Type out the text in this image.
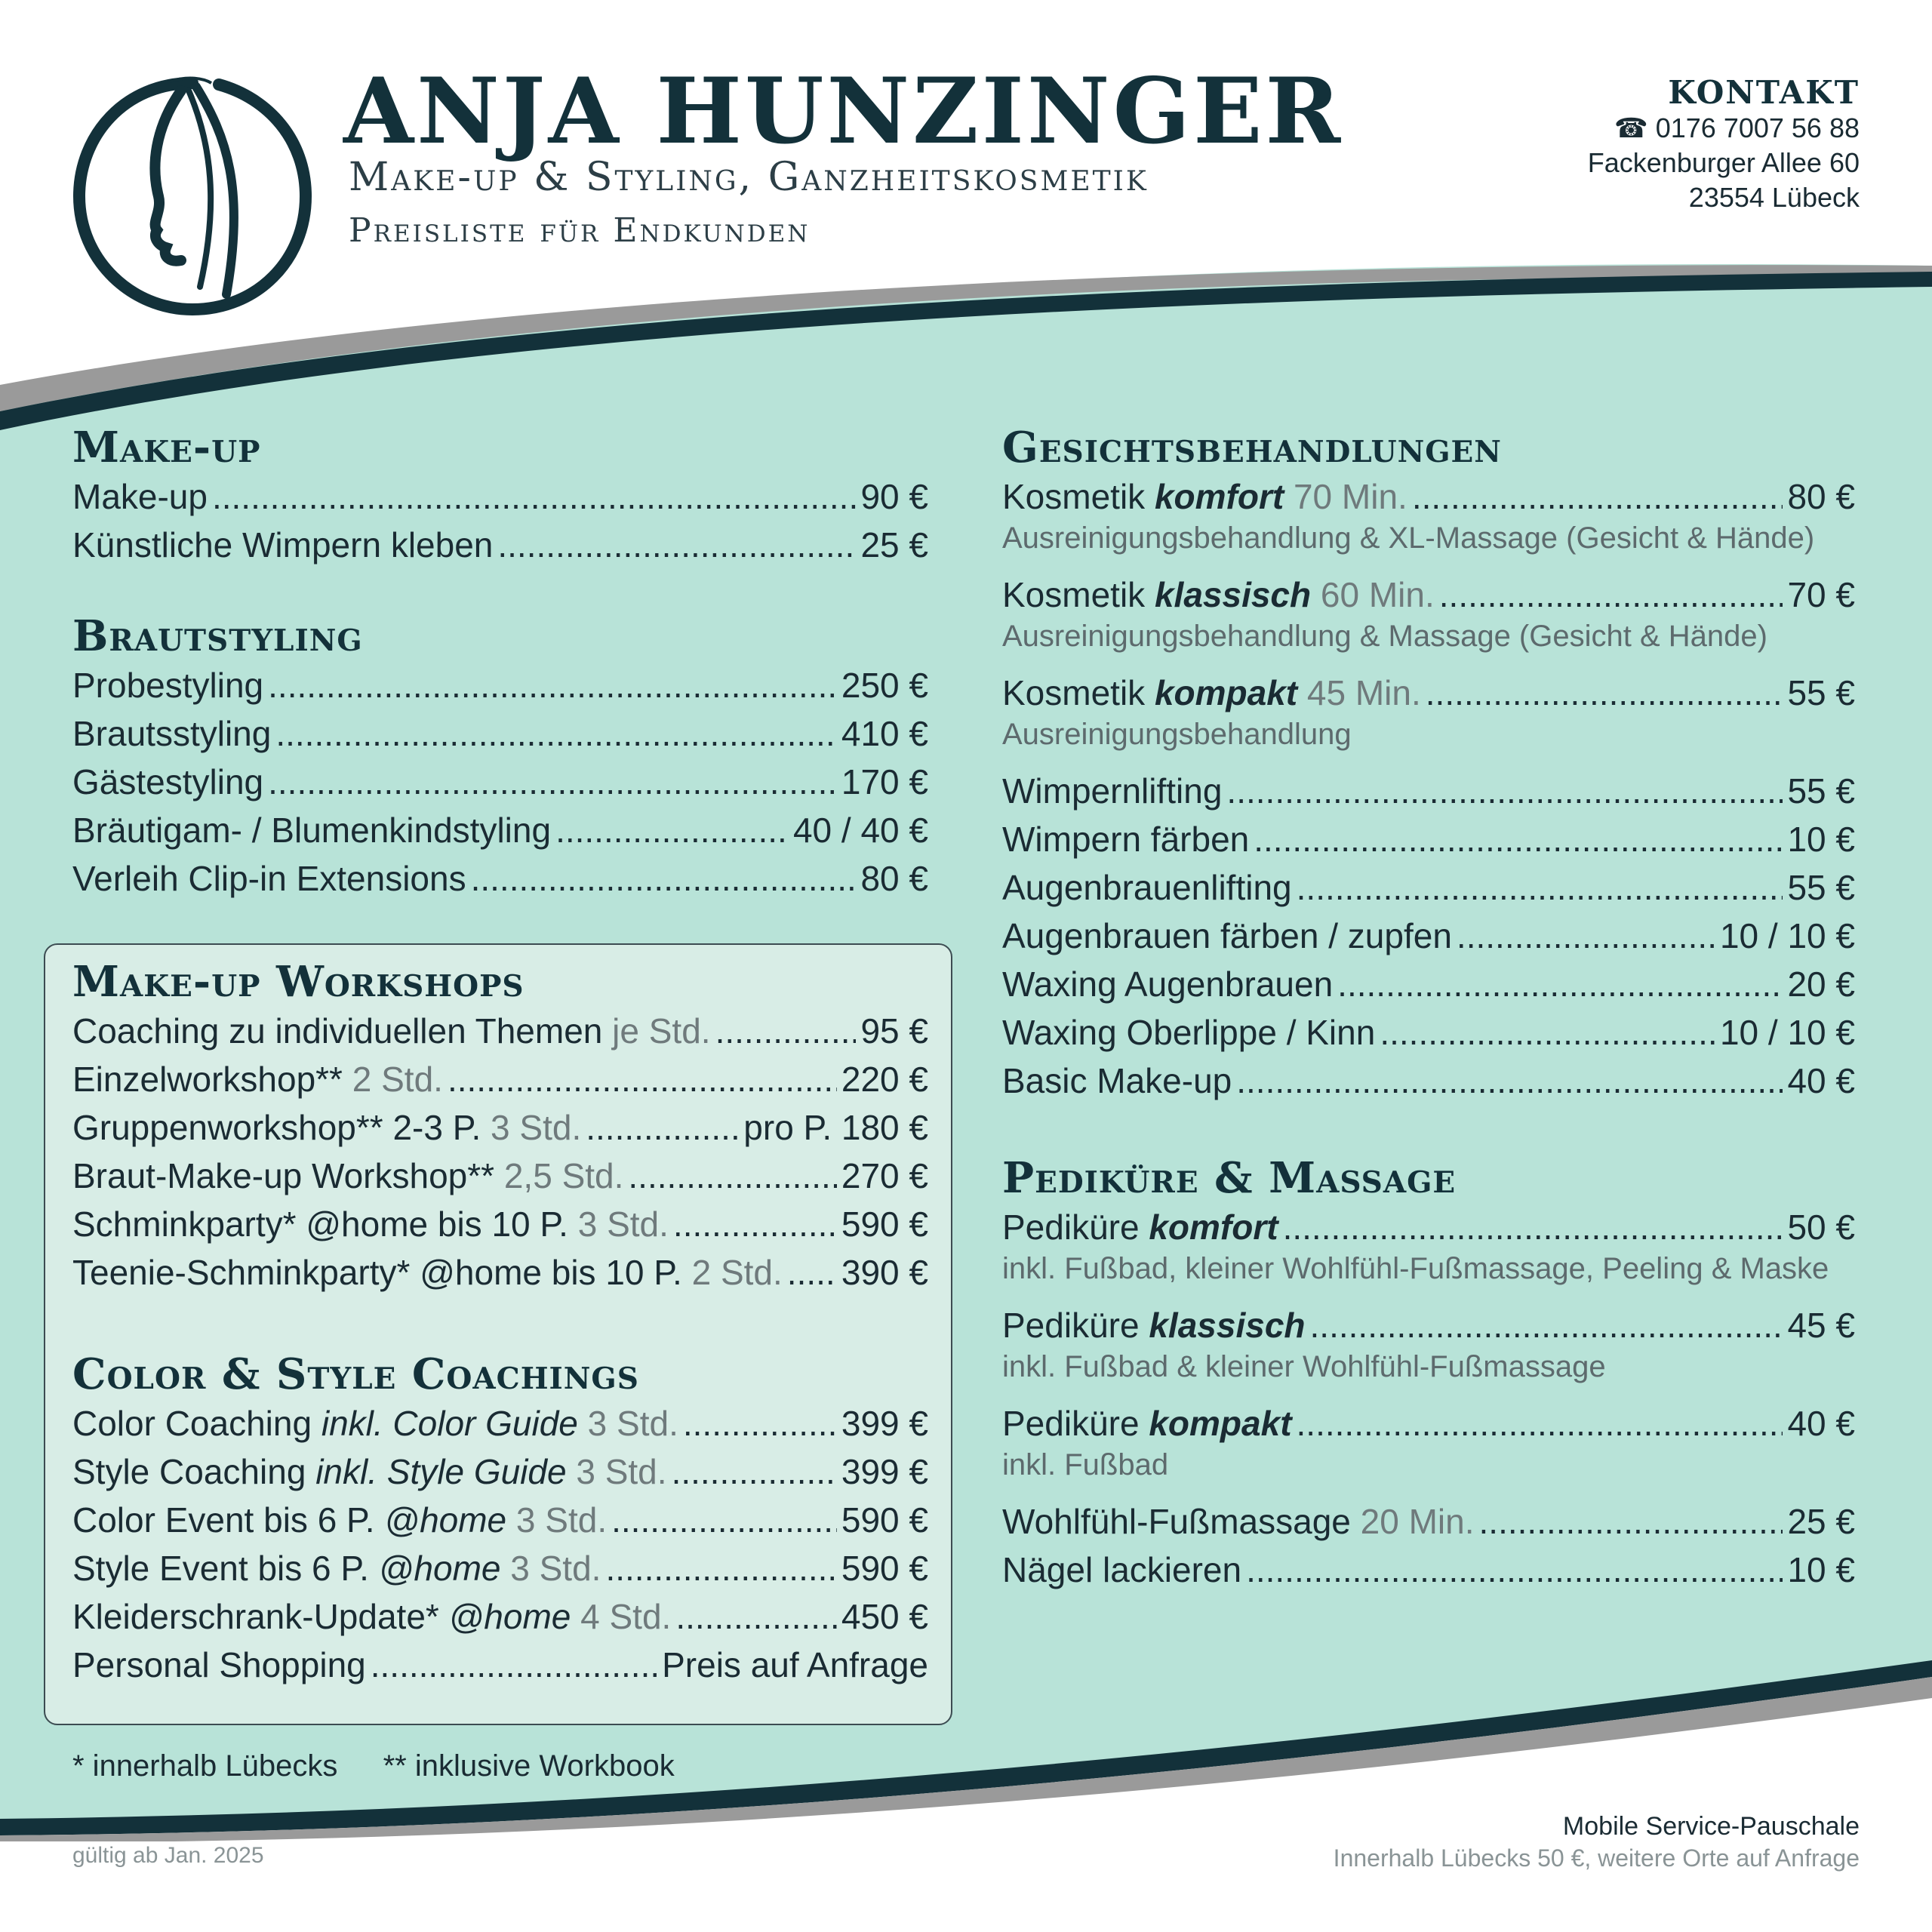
ANJA HUNZINGER
Make-up & Styling, Ganzheitskosmetik
Preisliste für Endkunden
KONTAKT
☎ 0176 7007 56 88
Fackenburger Allee 60
23554 Lübeck
Make-up
Make-up .....	90 €
Künstliche Wimpern kleben .....	25 €
Brautstyling
Probestyling .....	250 €
Brautsstyling .....	410 €
Gästestyling .....	170 €
Bräutigam- / Blumenkindstyling .....	40 / 40 €
Verleih Clip-in Extensions .....	80 €
Make-up Workshops
Coaching zu individuellen Themen je Std. .....	95 €
Einzelworkshop** 2 Std. .....	220 €
Gruppenworkshop** 2-3 P. 3 Std. .....	pro P. 180 €
Braut-Make-up Workshop** 2,5 Std. .....	270 €
Schminkparty* @home bis 10 P. 3 Std. .....	590 €
Teenie-Schminkparty* @home bis 10 P. 2 Std. ..... 390 €
Color & Style Coachings
Color Coaching inkl. Color Guide 3 Std. .....	399 €
Style Coaching inkl. Style Guide 3 Std. .....	399 €
Color Event bis 6 P. @home 3 Std. .....	590 €
Style Event bis 6 P. @home 3 Std. .....	590 €
Kleiderschrank-Update* @home 4 Std. .....	450 €
Personal Shopping .....	Preis auf Anfrage
Gesichtsbehandlungen
Kosmetik komfort 70 Min. .....	80 €
Ausreinigungsbehandlung & XL-Massage (Gesicht & Hände)
Kosmetik klassisch 60 Min. .....	70 €
Ausreinigungsbehandlung & Massage (Gesicht & Hände)
Kosmetik kompakt 45 Min. .....	55 €
Ausreinigungsbehandlung
Wimpernlifting .....	55 €
Wimpern färben .....	10 €
Augenbrauenlifting .....	55 €
Augenbrauen färben / zupfen .....	10 / 10 €
Waxing Augenbrauen .....	20 €
Waxing Oberlippe / Kinn .....	10 / 10 €
Basic Make-up .....	40 €
Pediküre & Massage
Pediküre komfort .....	50 €
inkl. Fußbad, kleiner Wohlfühl-Fußmassage, Peeling & Maske
Pediküre klassisch .....	45 €
inkl. Fußbad & kleiner Wohlfühl-Fußmassage
Pediküre kompakt .....	40 €
inkl. Fußbad
Wohlfühl-Fußmassage 20 Min. .....	25 €
Nägel lackieren .....	10 €
* innerhalb Lübecks ** inklusive Workbook
gültig ab Jan. 2025
Mobile Service-Pauschale
Innerhalb Lübecks 50 €, weitere Orte auf Anfrage
